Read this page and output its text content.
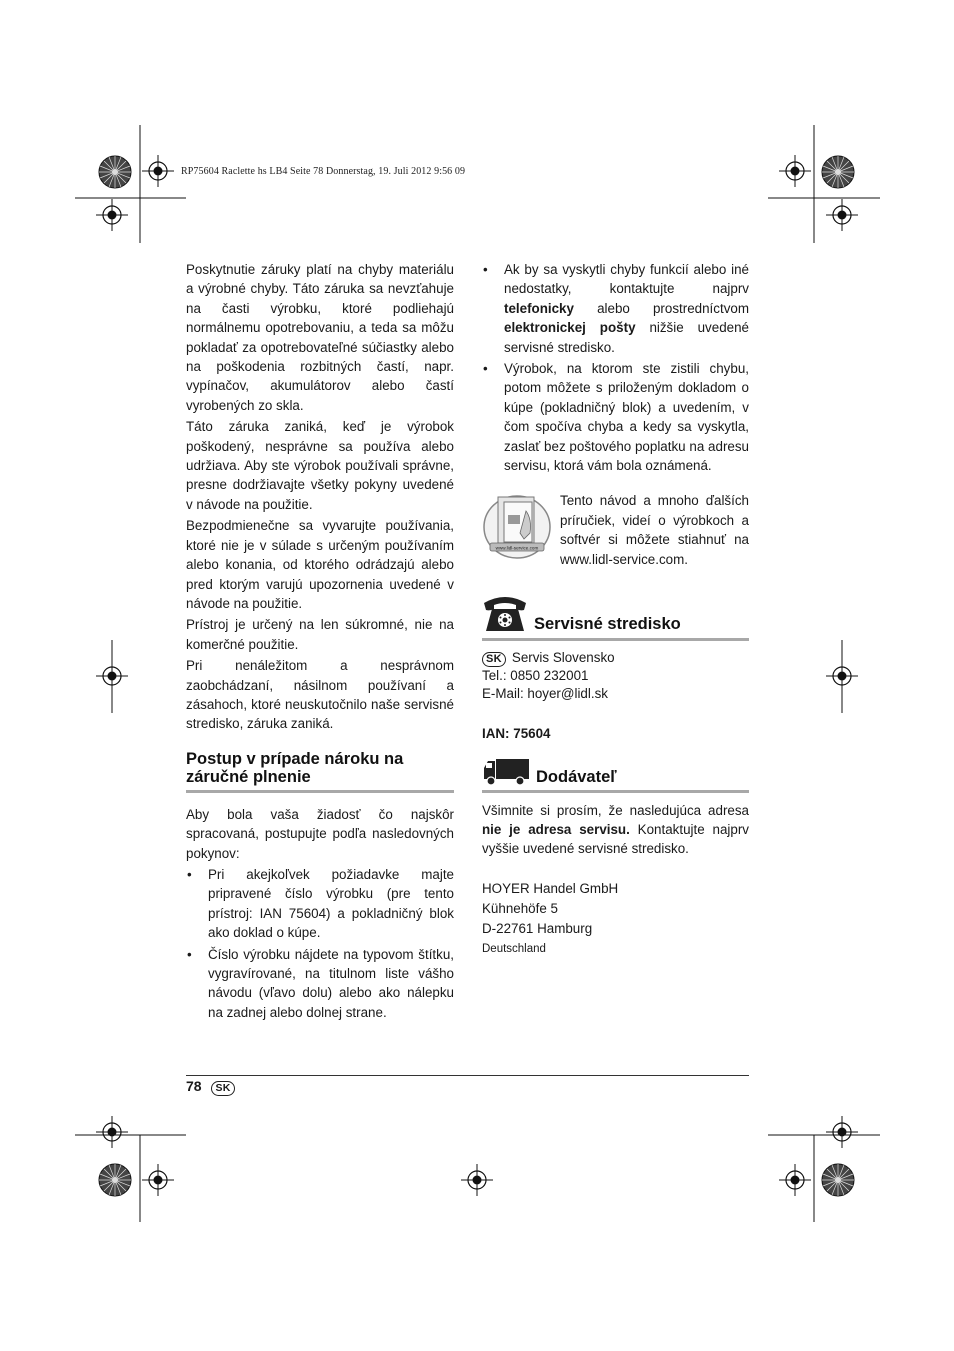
RP75604 Raclette hs LB4 Seite 78 Donnerstag, 19. Juli 2012 9:56 09

Poskytnutie záruky platí na chyby materiálu a výrobné chyby. Táto záruka sa nevzťahuje na časti výrobku, ktoré podliehajú normálnemu opotrebovaniu, a teda sa môžu pokladať za opotrebovateľné súčiastky alebo na poškodenia rozbitných častí, napr. vypínačov, akumulátorov alebo častí vyrobených zo skla.

Táto záruka zaniká, keď je výrobok poškodený, nesprávne sa používa alebo udržiava. Aby ste výrobok používali správne, presne dodržiavajte všetky pokyny uvedené v návode na použitie.

Bezpodmienečne sa vyvarujte používania, ktoré nie je v súlade s určeným používaním alebo konania, od ktorého odrádzajú alebo pred ktorým varujú upozornenia uvedené v návode na použitie.

Prístroj je určený na len súkromné, nie na komerčné použitie.

Pri nenáležitom a nesprávnom zaobchádzaní, násilnom používaní a zásahoch, ktoré neuskutočnilo naše servisné stredisko, záruka zaniká.

Postup v prípade nároku na záručné plnenie

Aby bola vaša žiadosť čo najskôr spracovaná, postupujte podľa nasledovných pokynov:

• Pri akejkoľvek požiadavke majte pripravené číslo výrobku (pre tento prístroj: IAN 75604) a pokladničný blok ako doklad o kúpe.
• Číslo výrobku nájdete na typovom štítku, vygravírované, na titulnom liste vášho návodu (vľavo dolu) alebo ako nálepku na zadnej alebo dolnej strane.
• Ak by sa vyskytli chyby funkcií alebo iné nedostatky, kontaktujte najprv telefonicky alebo prostredníctvom elektronickej pošty nižšie uvedené servisné stredisko.
• Výrobok, na ktorom ste zistili chybu, potom môžete s priloženým dokladom o kúpe (pokladničný blok) a uvedením, v čom spočíva chyba a kedy sa vyskytla, zaslať bez poštového poplatku na adresu servisu, ktorá vám bola oznámená.
www.lidl-service.com

Tento návod a mnoho ďalších príručiek, videí o výrobkoch a softvér si môžete stiahnuť na www.lidl-service.com.

Servisné stredisko
SK Servis Slovensko
Tel.: 0850 232001
E-Mail: hoyer@lidl.sk
IAN: 75604
Dodávateľ

Všimnite si prosím, že nasledujúca adresa nie je adresa servisu. Kontaktujte najprv vyššie uvedené servisné stredisko.

HOYER Handel GmbH
Kühnehöfe 5
D-22761 Hamburg
Deutschland
78 SK
